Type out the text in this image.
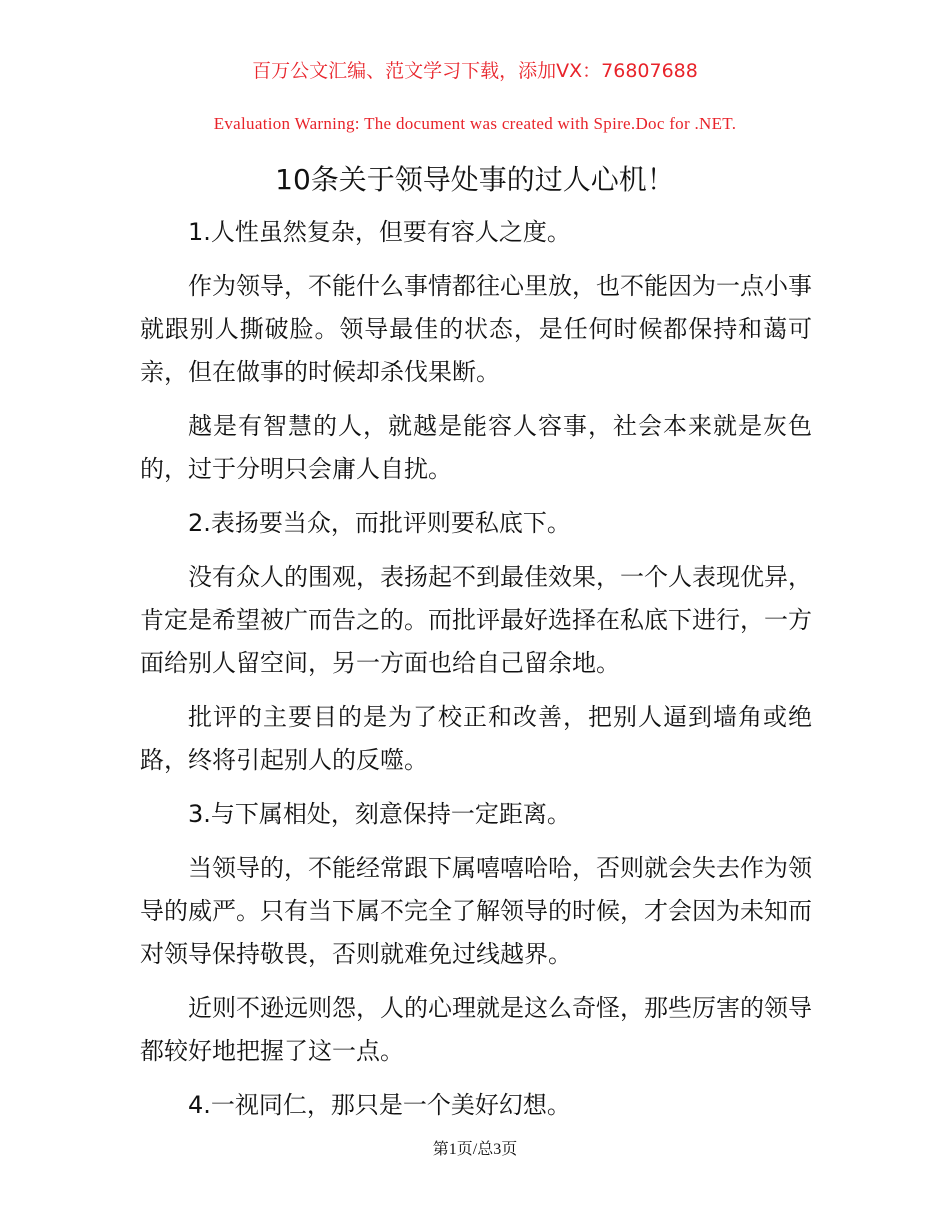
百万公文汇编、范文学习下载，添加VX：76807688
Evaluation Warning: The document was created with Spire.Doc for .NET.
10条关于领导处事的过人心机！

1.人性虽然复杂，但要有容人之度。

作为领导，不能什么事情都往心里放，也不能因为一点小事就跟别人撕破脸。领导最佳的状态，是任何时候都保持和蔼可亲，但在做事的时候却杀伐果断。

越是有智慧的人，就越是能容人容事，社会本来就是灰色的，过于分明只会庸人自扰。

2.表扬要当众，而批评则要私底下。

没有众人的围观，表扬起不到最佳效果，一个人表现优异，肯定是希望被广而告之的。而批评最好选择在私底下进行，一方面给别人留空间，另一方面也给自己留余地。

批评的主要目的是为了校正和改善，把别人逼到墙角或绝路，终将引起别人的反噬。

3.与下属相处，刻意保持一定距离。

当领导的，不能经常跟下属嘻嘻哈哈，否则就会失去作为领导的威严。只有当下属不完全了解领导的时候，才会因为未知而对领导保持敬畏，否则就难免过线越界。

近则不逊远则怨，人的心理就是这么奇怪，那些厉害的领导都较好地把握了这一点。

4.一视同仁，那只是一个美好幻想。

第1页/总3页
